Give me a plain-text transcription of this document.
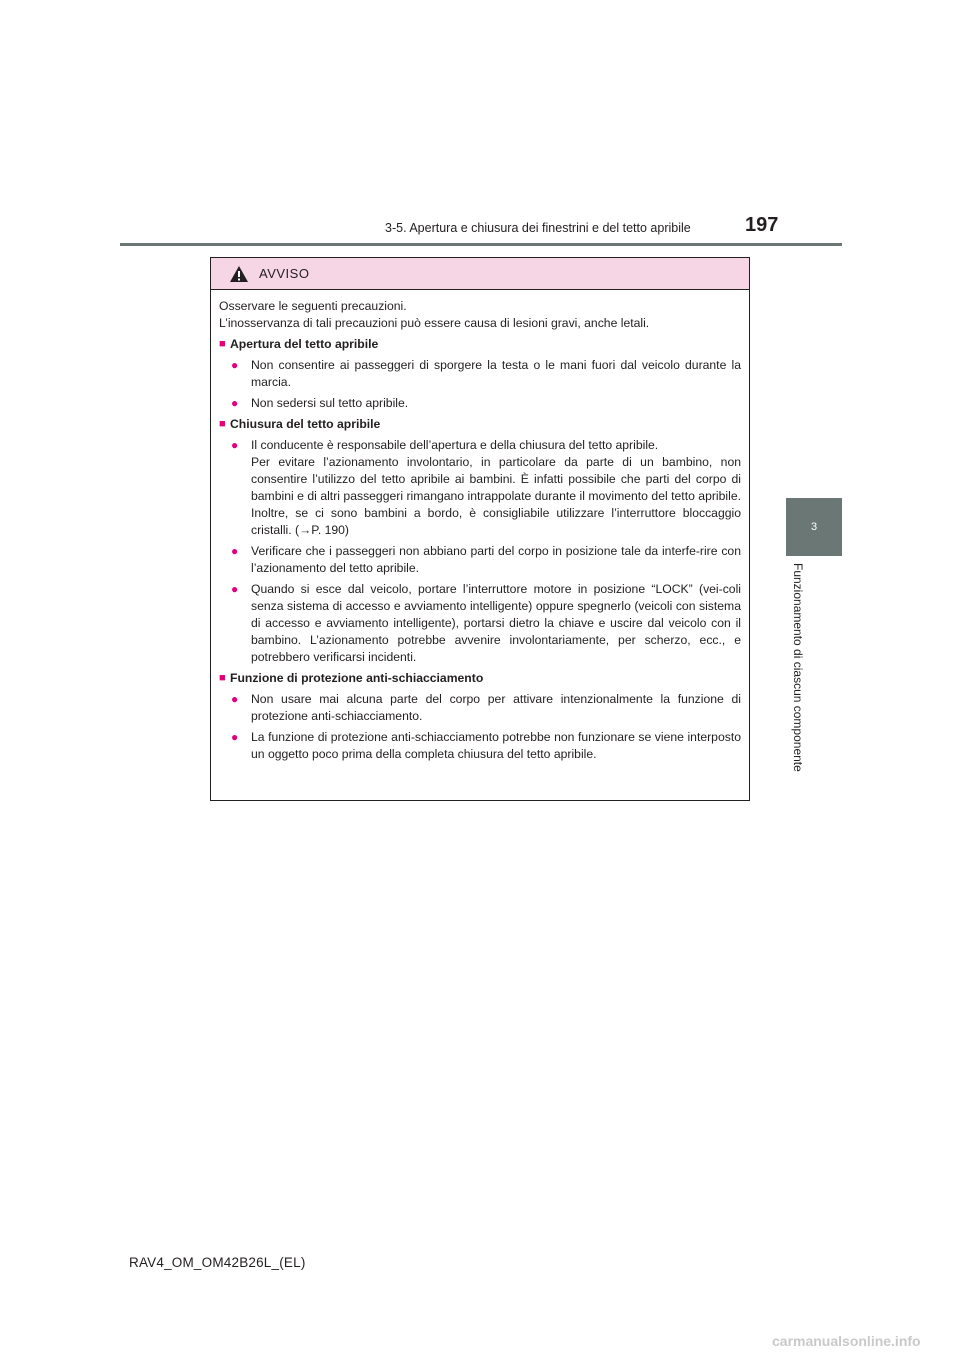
3-5. Apertura e chiusura dei finestrini e del tetto apribile	197
3
Funzionamento di ciascun componente
AVVISO

Osservare le seguenti precauzioni.

L’inosservanza di tali precauzioni può essere causa di lesioni gravi, anche letali.

■ Apertura del tetto apribile
● Non consentire ai passeggeri di sporgere la testa o le mani fuori dal veicolo durante la marcia.

● Non sedersi sul tetto apribile.

■ Chiusura del tetto apribile
● Il conducente è responsabile dell’apertura e della chiusura del tetto apribile.

Per evitare l’azionamento involontario, in particolare da parte di un bambino, non consentire l’utilizzo del tetto apribile ai bambini. È infatti possibile che parti del corpo di bambini e di altri passeggeri rimangano intrappolate durante il movimento del tetto apribile. Inoltre, se ci sono bambini a bordo, è consigliabile utilizzare l’interruttore bloccaggio cristalli. (→P. 190)

● Verificare che i passeggeri non abbiano parti del corpo in posizione tale da interfe-rire con l’azionamento del tetto apribile.

● Quando si esce dal veicolo, portare l’interruttore motore in posizione “LOCK” (vei-coli senza sistema di accesso e avviamento intelligente) oppure spegnerlo (veicoli con sistema di accesso e avviamento intelligente), portarsi dietro la chiave e uscire dal veicolo con il bambino. L’azionamento potrebbe avvenire involontariamente, per scherzo, ecc., e potrebbero verificarsi incidenti.

■ Funzione di protezione anti-schiacciamento
● Non usare mai alcuna parte del corpo per attivare intenzionalmente la funzione di protezione anti-schiacciamento.

● La funzione di protezione anti-schiacciamento potrebbe non funzionare se viene interposto un oggetto poco prima della completa chiusura del tetto apribile.

RAV4_OM_OM42B26L_(EL)
carmanualsonline.info
